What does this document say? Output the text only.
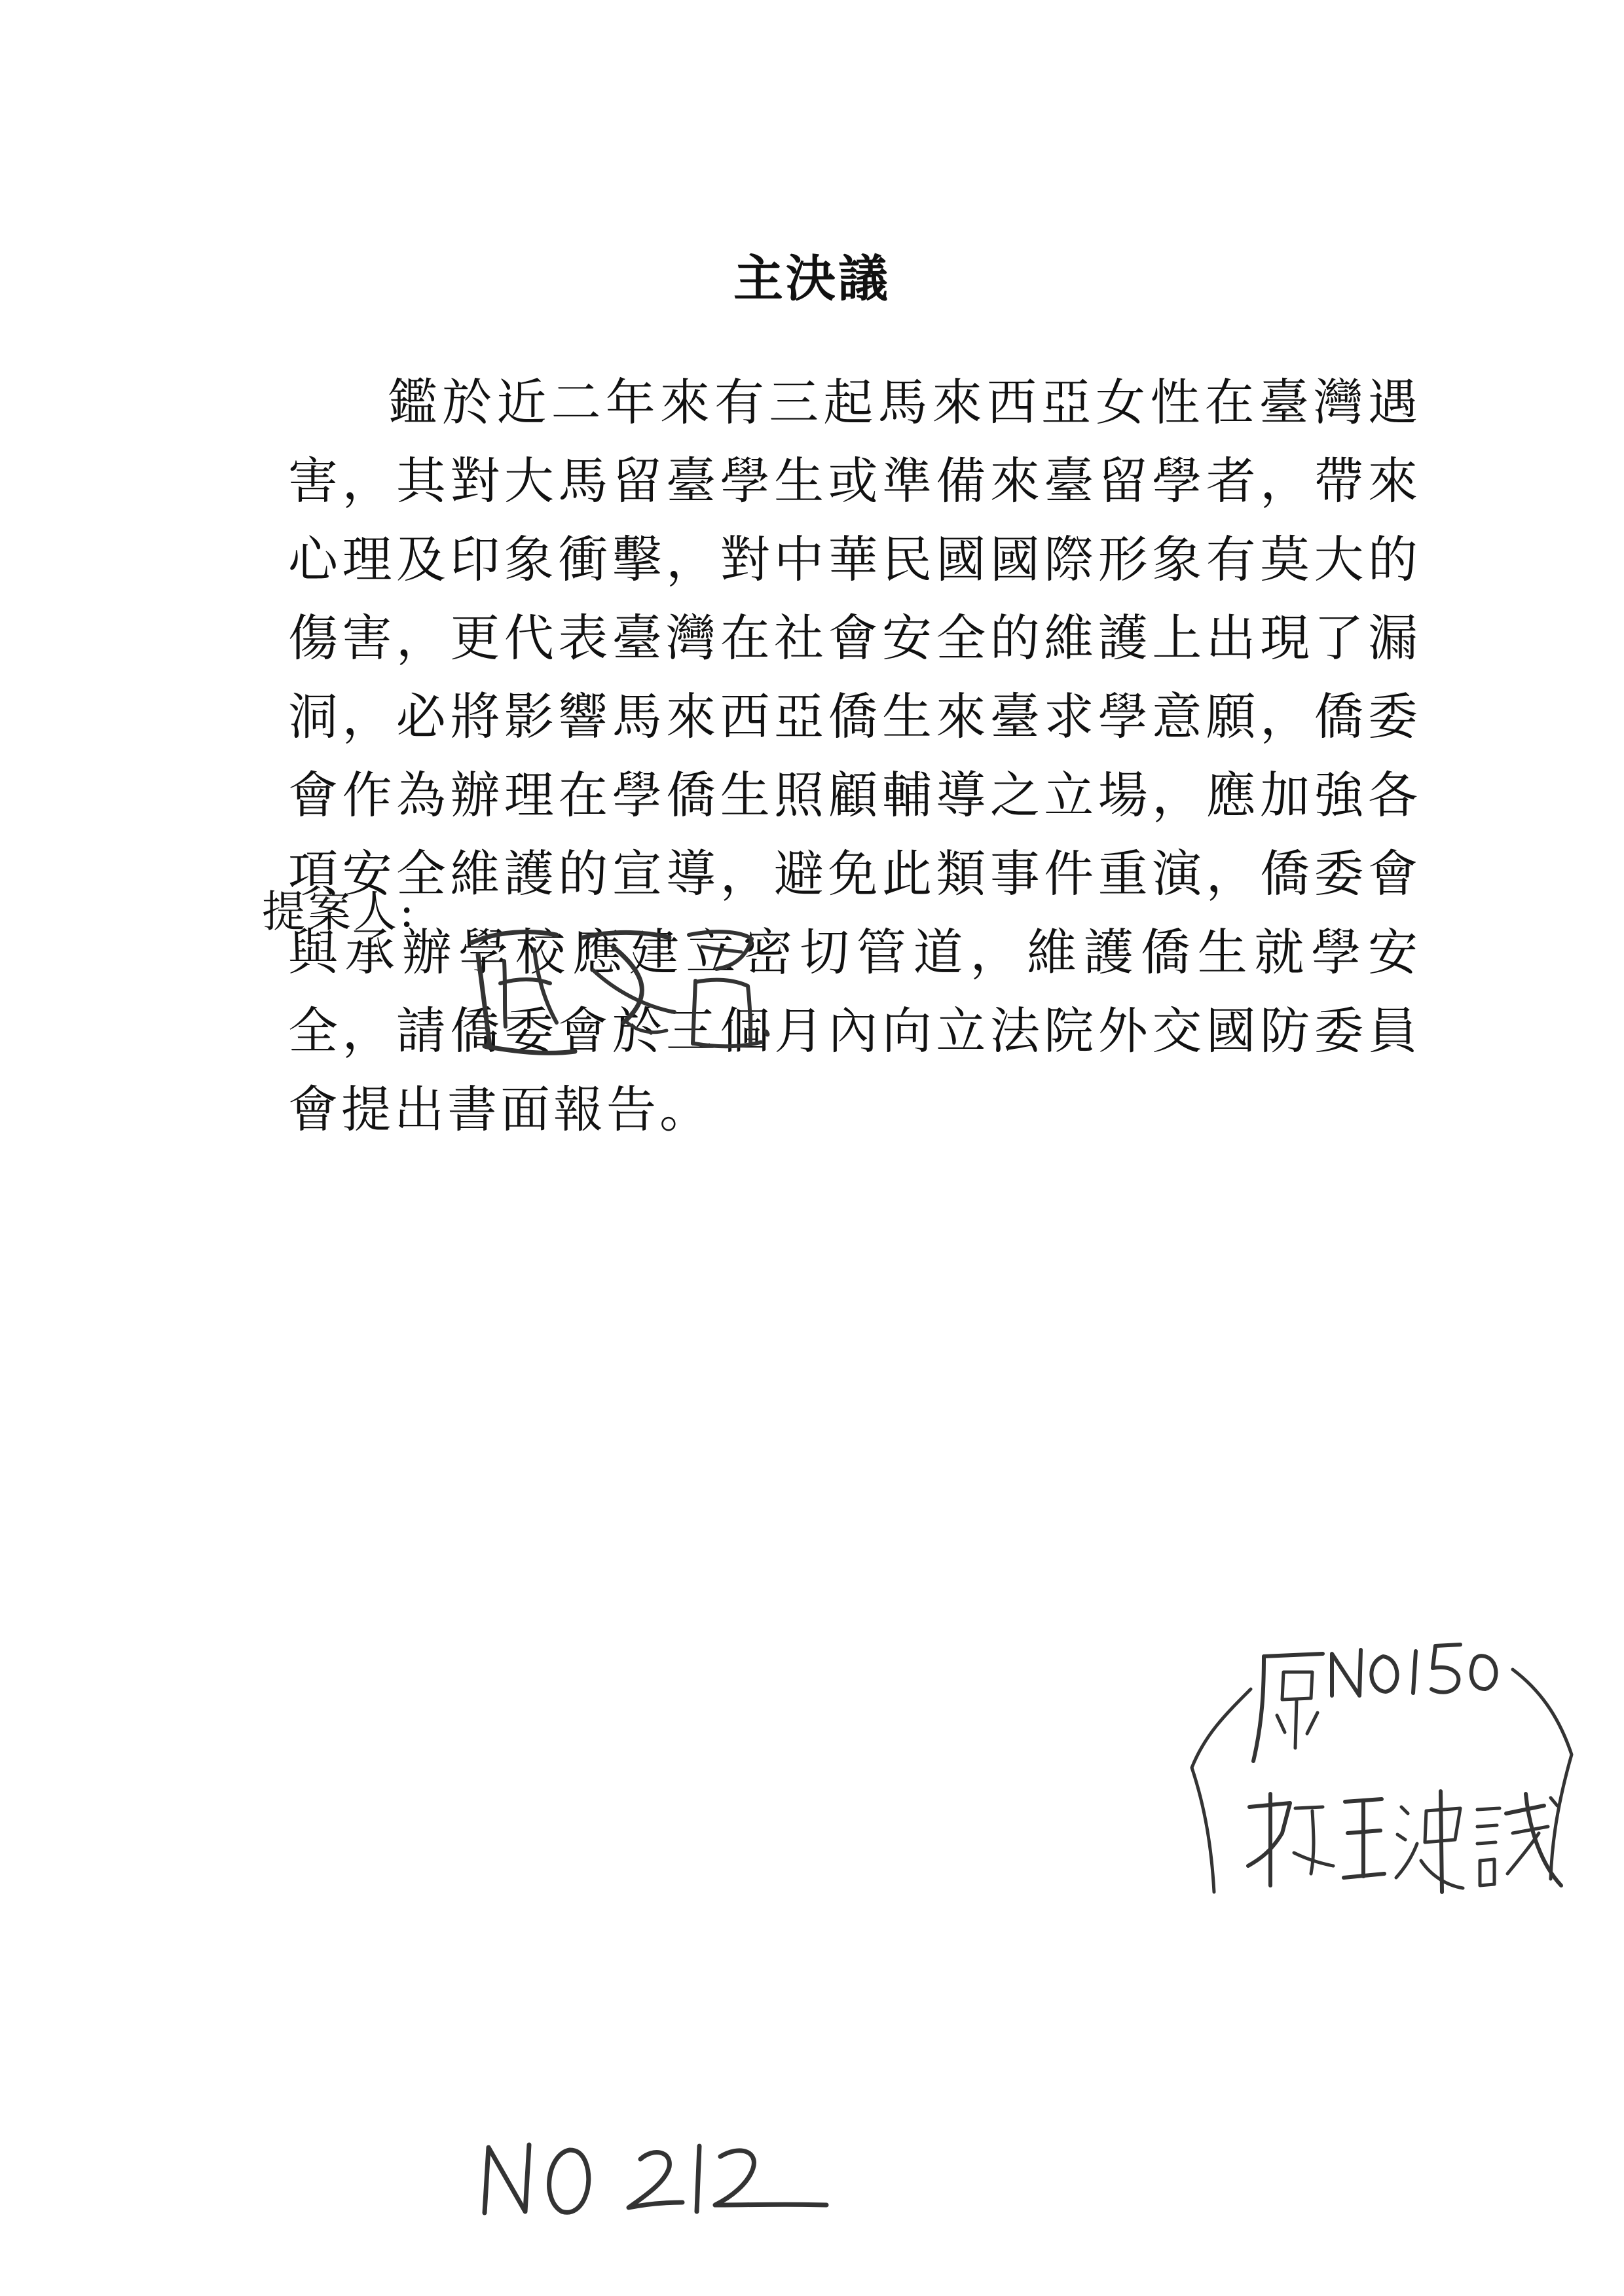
主決議

鑑於近二年來有三起馬來西亞女性在臺灣遇害，其對大馬留臺學生或準備來臺留學者，帶來心理及印象衝擊，對中華民國國際形象有莫大的傷害，更代表臺灣在社會安全的維護上出現了漏洞，必將影響馬來西亞僑生來臺求學意願，僑委會作為辦理在學僑生照顧輔導之立場，應加強各項安全維護的宣導，避免此類事件重演，僑委會與承辦學校應建立密切管道，維護僑生就學安全，請僑委會於三個月內向立法院外交國防委員會提出書面報告。

提案人:
